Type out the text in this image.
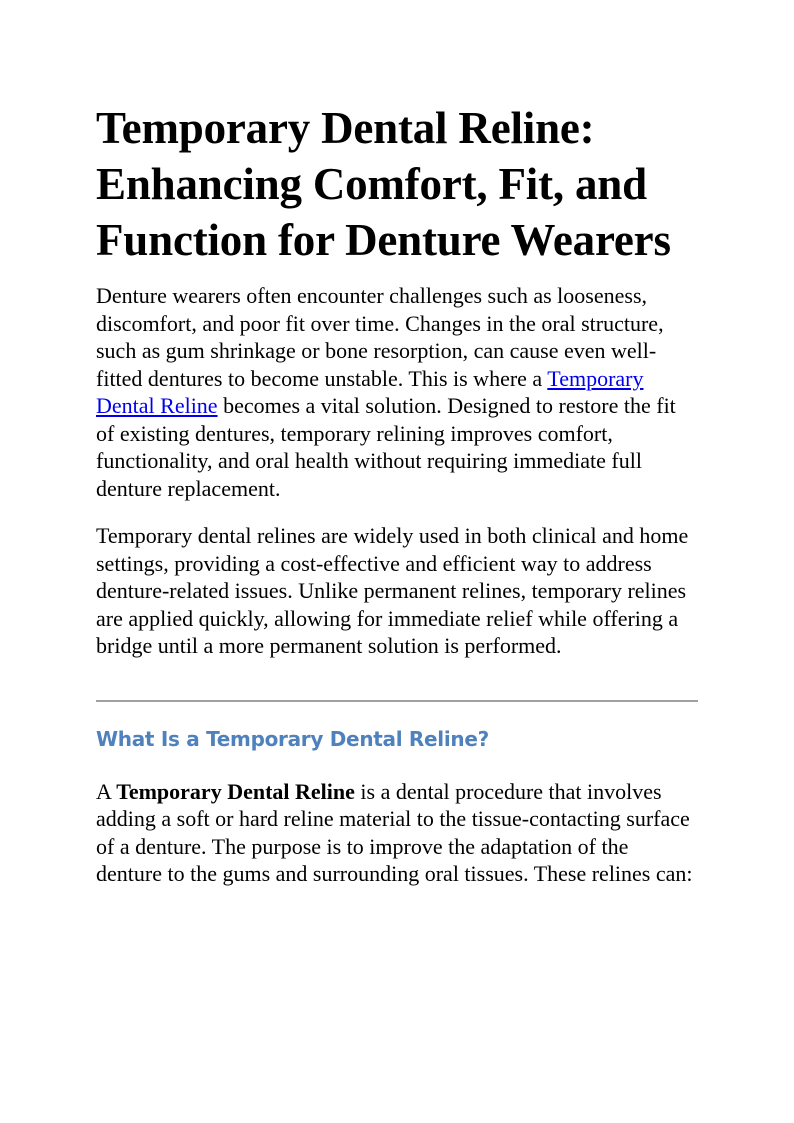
Temporary Dental Reline: Enhancing Comfort, Fit, and Function for Denture Wearers

Denture wearers often encounter challenges such as looseness, discomfort, and poor fit over time. Changes in the oral structure, such as gum shrinkage or bone resorption, can cause even well-fitted dentures to become unstable. This is where a Temporary Dental Reline becomes a vital solution. Designed to restore the fit of existing dentures, temporary relining improves comfort, functionality, and oral health without requiring immediate full denture replacement.

Temporary dental relines are widely used in both clinical and home settings, providing a cost-effective and efficient way to address denture-related issues. Unlike permanent relines, temporary relines are applied quickly, allowing for immediate relief while offering a bridge until a more permanent solution is performed.

What Is a Temporary Dental Reline?

A Temporary Dental Reline is a dental procedure that involves adding a soft or hard reline material to the tissue-contacting surface of a denture. The purpose is to improve the adaptation of the denture to the gums and surrounding oral tissues. These relines can:
